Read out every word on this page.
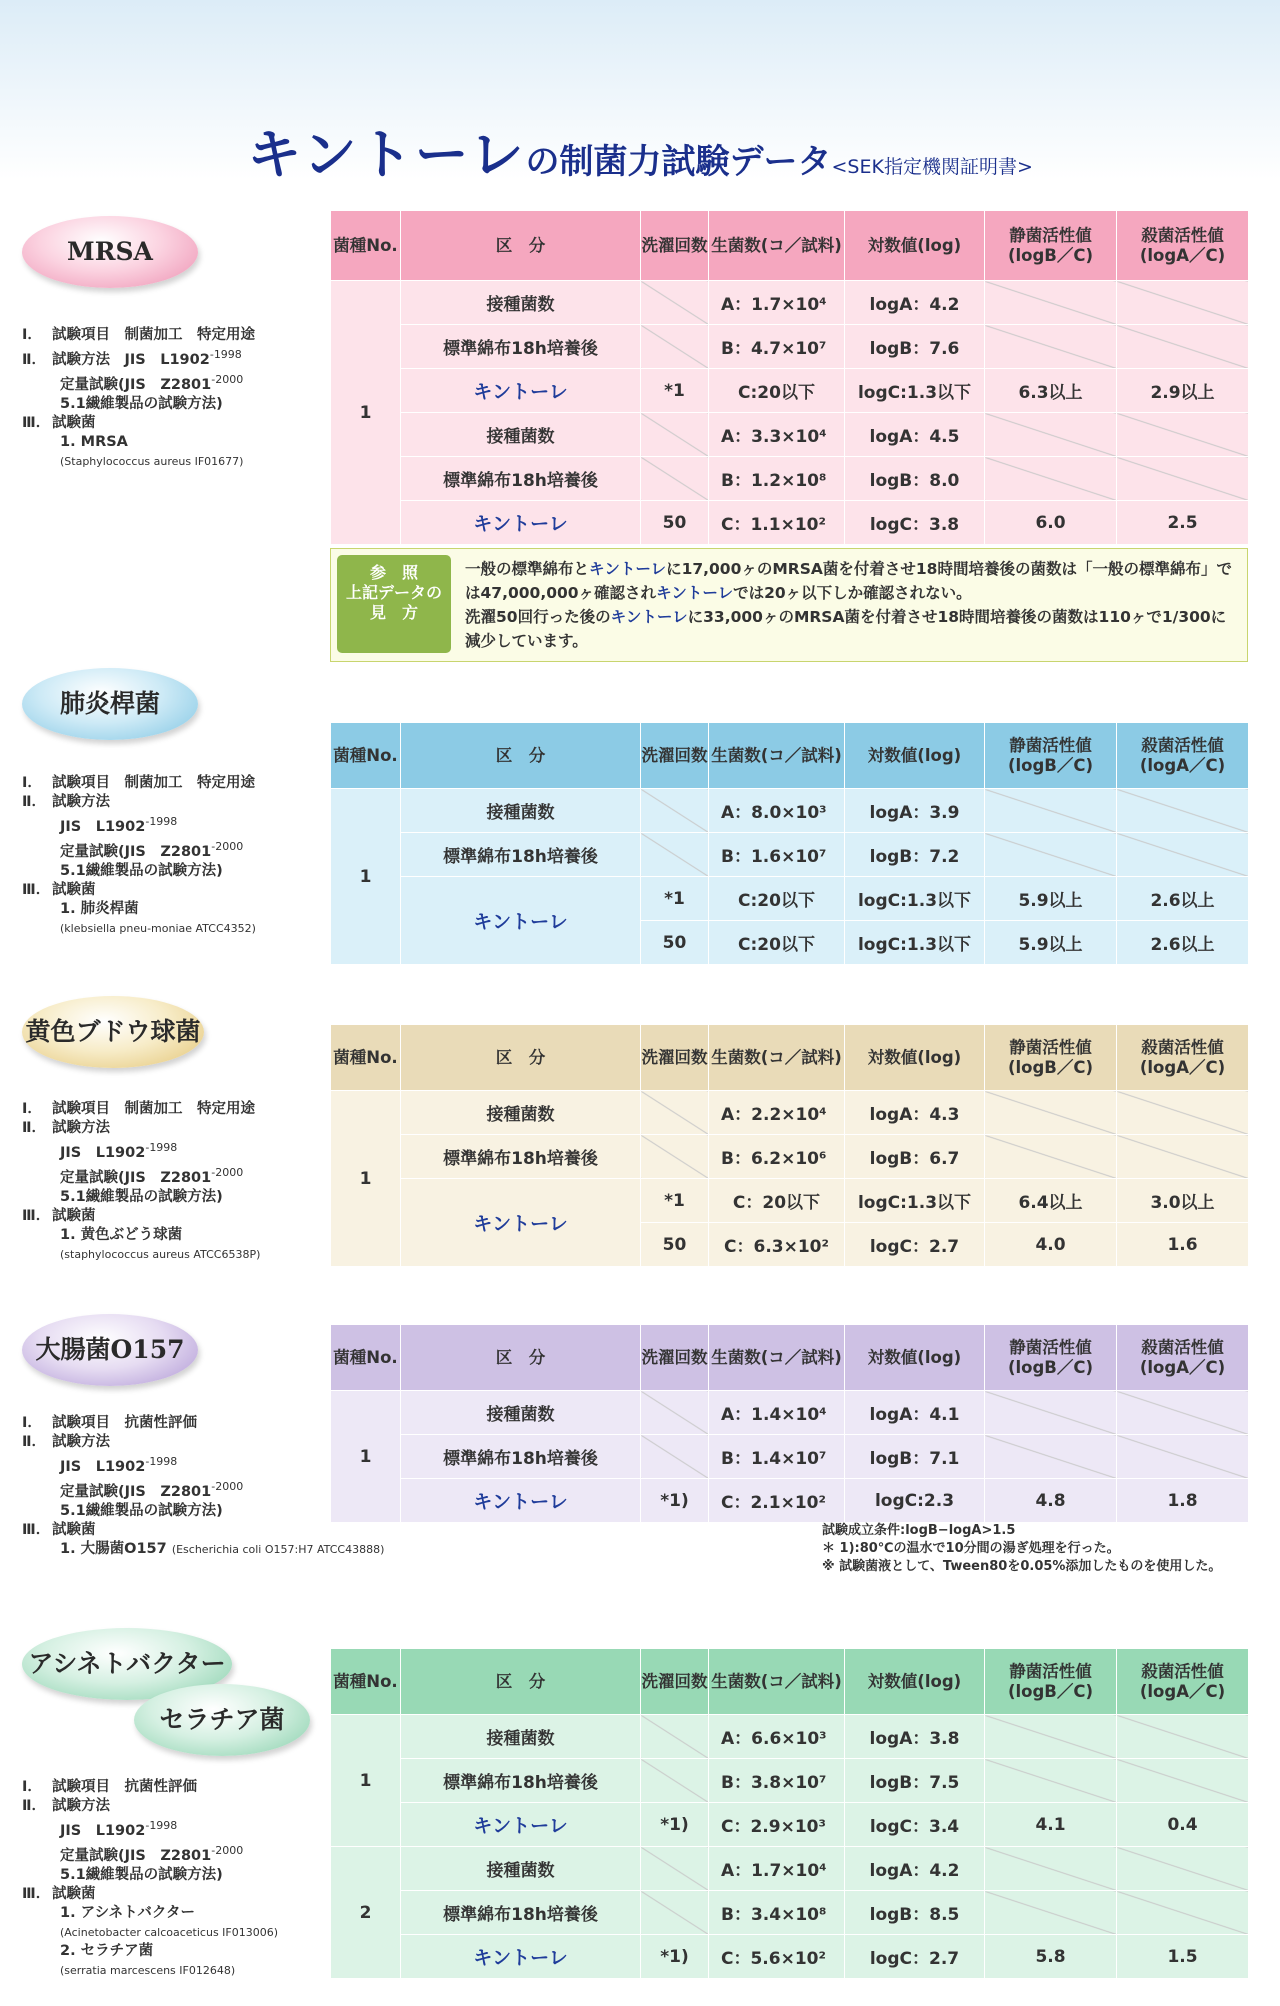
キントーレの制菌力試験データ<SEK指定機関証明書>
MRSA
Ⅰ． 試験項目　制菌加工　特定用途
Ⅱ． 試験方法　JIS　$L1902^{-1998}$
定量試験(JIS　$Z2801^{-2000}$
5.1繊維製品の試験方法)
Ⅲ． 試験菌
1. MRSA
(Staphylococcus aureus IF01677)
菌種No.	区　分	洗濯回数	生菌数(コ／試料)	対数値(log)	静菌活性値(logB／C)	殺菌活性値(logA／C)
1	接種菌数		A：1.7×10⁴	logA：4.2		
	標準綿布18h培養後		B：4.7×10⁷	logB：7.6		
	キントーレ	*1	C:20以下	logC:1.3以下	6.3以上	2.9以上
	接種菌数		A：3.3×10⁴	logA：4.5		
	標準綿布18h培養後		B：1.2×10⁸	logB：8.0		
	キントーレ	50	C：1.1×10²	logC：3.8	6.0	2.5
参　照
上記データの
見　方
一般の標準綿布とキントーレに17,000ヶのMRSA菌を付着させ18時間培養後の菌数は「一般の標準綿布」では47,000,000ヶ確認されキントーレでは20ヶ以下しか確認されない。
洗濯50回行った後のキントーレに33,000ヶのMRSA菌を付着させ18時間培養後の菌数は110ヶで1/300に減少しています。
肺炎桿菌
Ⅰ． 試験項目　制菌加工　特定用途
Ⅱ． 試験方法
JIS　$L1902^{-1998}$
定量試験(JIS　$Z2801^{-2000}$
5.1繊維製品の試験方法)
Ⅲ． 試験菌
1. 肺炎桿菌
(klebsiella pneu-moniae ATCC4352)
菌種No.	区　分	洗濯回数	生菌数(コ／試料)	対数値(log)	静菌活性値(logB／C)	殺菌活性値(logA／C)
1	接種菌数		A：8.0×10³	logA：3.9		
	標準綿布18h培養後		B：1.6×10⁷	logB：7.2		
	キントーレ	*1	C:20以下	logC:1.3以下	5.9以上	2.6以上
		50	C:20以下	logC:1.3以下	5.9以上	2.6以上
黄色ブドウ球菌
Ⅰ． 試験項目　制菌加工　特定用途
Ⅱ． 試験方法
JIS　$L1902^{-1998}$
定量試験(JIS　$Z2801^{-2000}$
5.1繊維製品の試験方法)
Ⅲ． 試験菌
1. 黄色ぶどう球菌
(staphylococcus aureus ATCC6538P)
菌種No.	区　分	洗濯回数	生菌数(コ／試料)	対数値(log)	静菌活性値(logB／C)	殺菌活性値(logA／C)
1	接種菌数		A：2.2×10⁴	logA：4.3		
	標準綿布18h培養後		B：6.2×10⁶	logB：6.7		
	キントーレ	*1	C：20以下	logC:1.3以下	6.4以上	3.0以上
		50	C：6.3×10²	logC：2.7	4.0	1.6
大腸菌O157
Ⅰ． 試験項目　抗菌性評価
Ⅱ． 試験方法
JIS　$L1902^{-1998}$
定量試験(JIS　$Z2801^{-2000}$
5.1繊維製品の試験方法)
Ⅲ． 試験菌
1. 大腸菌O157 (Escherichia coli O157:H7 ATCC43888)
菌種No.	区　分	洗濯回数	生菌数(コ／試料)	対数値(log)	静菌活性値(logB／C)	殺菌活性値(logA／C)
1	接種菌数		A：1.4×10⁴	logA：4.1		
	標準綿布18h培養後		B：1.4×10⁷	logB：7.1		
	キントーレ	*1)	C：2.1×10²	logC:2.3	4.8	1.8
試験成立条件:logB−logA>1.5
＊ 1):80℃の温水で10分間の湯ぎ処理を行った。
※ 試験菌液として、Tween80を0.05%添加したものを使用した。
アシネトバクター
セラチア菌
Ⅰ． 試験項目　抗菌性評価
Ⅱ． 試験方法
JIS　$L1902^{-1998}$
定量試験(JIS　$Z2801^{-2000}$
5.1繊維製品の試験方法)
Ⅲ． 試験菌
1. アシネトバクター
(Acinetobacter calcoaceticus IF013006)
2. セラチア菌
(serratia marcescens IF012648)
菌種No.	区　分	洗濯回数	生菌数(コ／試料)	対数値(log)	静菌活性値(logB／C)	殺菌活性値(logA／C)
1	接種菌数		A：6.6×10³	logA：3.8		
	標準綿布18h培養後		B：3.8×10⁷	logB：7.5		
	キントーレ	*1)	C：2.9×10³	logC：3.4	4.1	0.4
2	接種菌数		A：1.7×10⁴	logA：4.2		
	標準綿布18h培養後		B：3.4×10⁸	logB：8.5		
	キントーレ	*1)	C：5.6×10²	logC：2.7	5.8	1.5
